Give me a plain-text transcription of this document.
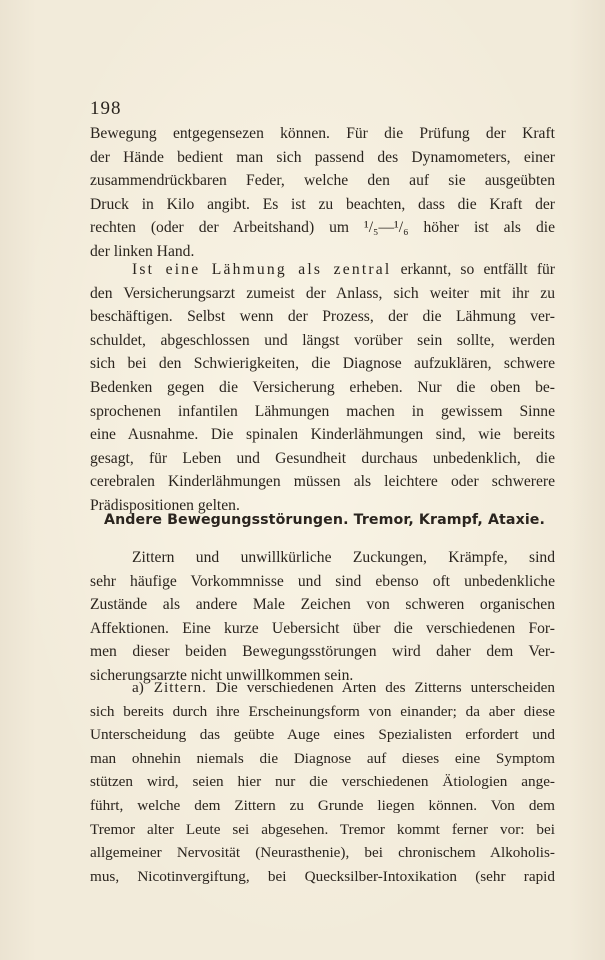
198
Bewegung entgegensezen können. Für die Prüfung der Kraft
der Hände bedient man sich passend des Dynamometers, einer
zusammendrückbaren Feder, welche den auf sie ausgeübten
Druck in Kilo angibt. Es ist zu beachten, dass die Kraft der
rechten (oder der Arbeitshand) um ¹/₅—¹/₆ höher ist als die
der linken Hand.
Ist eine Lähmung als zentral erkannt, so entfällt für
den Versicherungsarzt zumeist der Anlass, sich weiter mit ihr zu
beschäftigen. Selbst wenn der Prozess, der die Lähmung ver-
schuldet, abgeschlossen und längst vorüber sein sollte, werden
sich bei den Schwierigkeiten, die Diagnose aufzuklären, schwere
Bedenken gegen die Versicherung erheben. Nur die oben be-
sprochenen infantilen Lähmungen machen in gewissem Sinne
eine Ausnahme. Die spinalen Kinderlähmungen sind, wie bereits
gesagt, für Leben und Gesundheit durchaus unbedenklich, die
cerebralen Kinderlähmungen müssen als leichtere oder schwerere
Prädispositionen gelten.
Andere Bewegungsstörungen. Tremor, Krampf, Ataxie.
Zittern und unwillkürliche Zuckungen, Krämpfe, sind
sehr häufige Vorkommnisse und sind ebenso oft unbedenkliche
Zustände als andere Male Zeichen von schweren organischen
Affektionen. Eine kurze Uebersicht über die verschiedenen For-
men dieser beiden Bewegungsstörungen wird daher dem Ver-
sicherungsarzte nicht unwillkommen sein.
a) Zittern. Die verschiedenen Arten des Zitterns unterscheiden
sich bereits durch ihre Erscheinungsform von einander; da aber diese
Unterscheidung das geübte Auge eines Spezialisten erfordert und
man ohnehin niemals die Diagnose auf dieses eine Symptom
stützen wird, seien hier nur die verschiedenen Ätiologien ange-
führt, welche dem Zittern zu Grunde liegen können. Von dem
Tremor alter Leute sei abgesehen. Tremor kommt ferner vor: bei
allgemeiner Nervosität (Neurasthenie), bei chronischem Alkoholis-
mus, Nicotinvergiftung, bei Quecksilber-Intoxikation (sehr rapid
